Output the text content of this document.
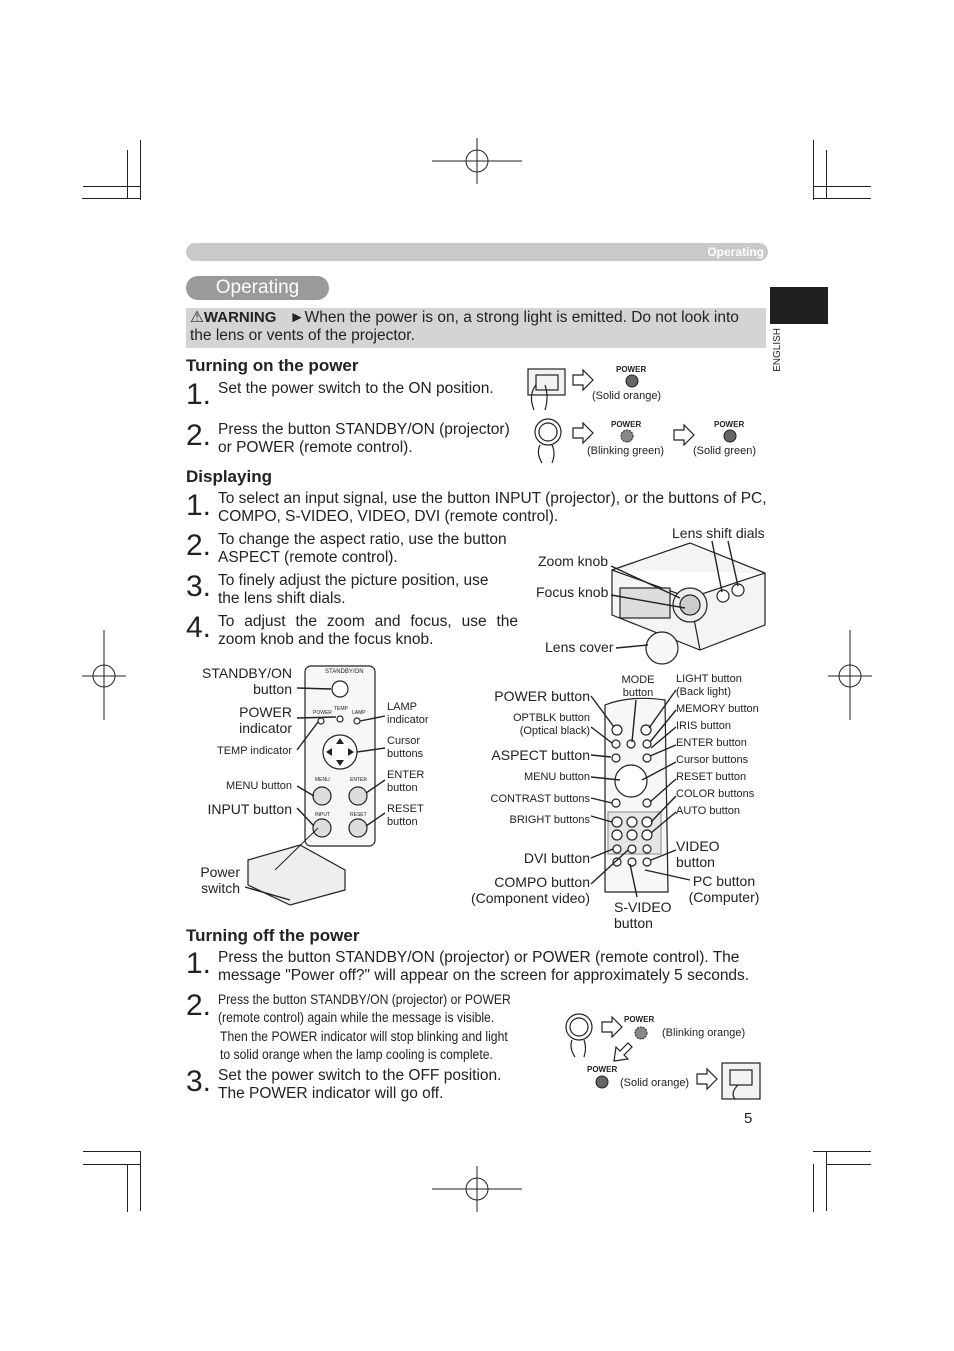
Operating
Operating
ENGLISH
⚠WARNING ►When the power is on, a strong light is emitted. Do not look into the lens or vents of the projector.
Turning on the power
1. Set the power switch to the ON position.
2. Press the button STANDBY/ON (projector) or POWER (remote control).
POWER
(Solid orange)
POWER
(Blinking green)
POWER
(Solid green)
Displaying
1. To select an input signal, use the button INPUT (projector), or the buttons of PC, COMPO, S-VIDEO, VIDEO, DVI (remote control).
2. To change the aspect ratio, use the button ASPECT (remote control).
3. To finely adjust the picture position, use the lens shift dials.
4. To adjust the zoom and focus, use the zoom knob and the focus knob.
Lens shift dials
Zoom knob
Focus knob
Lens cover
STANDBY/ON
POWER
TEMP
LAMP
MENU	ENTER
INPUT	RESET
STANDBY/ON button
POWER indicator
TEMP indicator
MENU button
INPUT button
Power switch
LAMP indicator
Cursor buttons
ENTER button
RESET button
POWER button
OPTBLK button (Optical black)
ASPECT button
MENU button
CONTRAST buttons
BRIGHT buttons
DVI button
COMPO button (Component video)
S-VIDEO button
MODE button
LIGHT button (Back light)
MEMORY button
IRIS button
ENTER button
Cursor buttons
RESET button
COLOR buttons
AUTO button
VIDEO button
PC button (Computer)
Turning off the power
1. Press the button STANDBY/ON (projector) or POWER (remote control). The message "Power off?" will appear on the screen for approximately 5 seconds.
2. Press the button STANDBY/ON (projector) or POWER (remote control) again while the message is visible.
Then the POWER indicator will stop blinking and light to solid orange when the lamp cooling is complete.
3. Set the power switch to the OFF position. The POWER indicator will go off.
POWER
(Blinking orange)
POWER
(Solid orange)
5
